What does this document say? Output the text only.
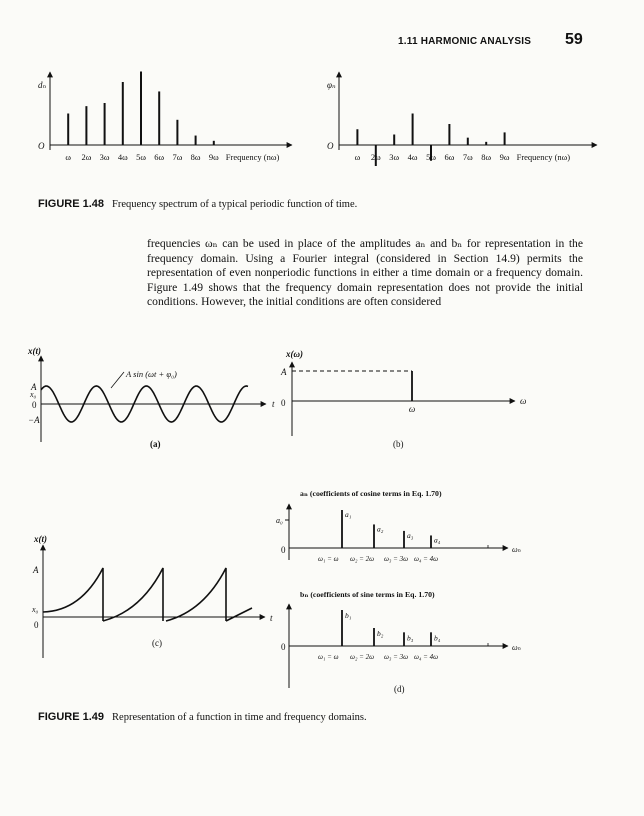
1.11 HARMONIC ANALYSIS 59
dₙ
O
ω 2ω 3ω 4ω 5ω 6ω 7ω 8ω 9ω Frequency (nω)
φₙ
O
ω 2ω 3ω 4ω 5ω 6ω 7ω 8ω 9ω Frequency (nω)
x(t)
A
x₀
0
−A
t
A sin (ωt + φ₀)
(a)
x(ω)
A
0
ω
ω
(b)
x(t)
A
x₀
0
t
(c)
aₙ (coefficients of cosine terms in Eq. 1.70)
a₀
0
a₁
a₂
a₃
a₄
ωₙ
ω₁ = ω ω₂ = 2ω ω₃ = 3ω ω₄ = 4ω
bₙ (coefficients of sine terms in Eq. 1.70)
0
b₁
b₂	b₃	b₄
ωₙ
ω₁ = ω ω₂ = 2ω ω₃ = 3ω ω₄ = 4ω
(d)
FIGURE 1.48 Frequency spectrum of a typical periodic function of time.

frequencies ωₙ can be used in place of the amplitudes aₙ and bₙ for representation in the frequency domain. Using a Fourier integral (considered in Section 14.9) permits the representation of even nonperiodic functions in either a time domain or a frequency domain. Figure 1.49 shows that the frequency domain representation does not provide the initial conditions. However, the initial conditions are often considered

FIGURE 1.49 Representation of a function in time and frequency domains.
